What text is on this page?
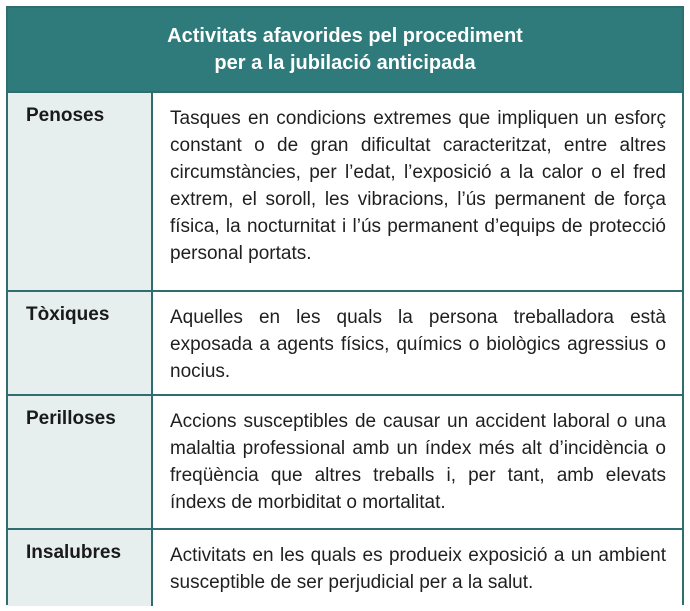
Activitats afavorides pel procediment
per a la jubilació anticipada
Penoses	Tasques en condicions extremes que impliquen un esforç constant o de gran dificultat caracteritzat, entre altres circumstàncies, per l’edat, l’exposició a la calor o el fred extrem, el soroll, les vibracions, l’ús permanent de força física, la nocturnitat i l’ús permanent d’equips de protecció personal portats.
Tòxiques	Aquelles en les quals la persona treballadora està exposada a agents físics, químics o biològics agressius o nocius.
Perilloses	Accions susceptibles de causar un accident laboral o una malaltia professional amb un índex més alt d’incidència o freqüència que altres treballs i, per tant, amb elevats índexs de morbiditat o mortalitat.
Insalubres	Activitats en les quals es produeix exposició a un ambient susceptible de ser perjudicial per a la salut.
